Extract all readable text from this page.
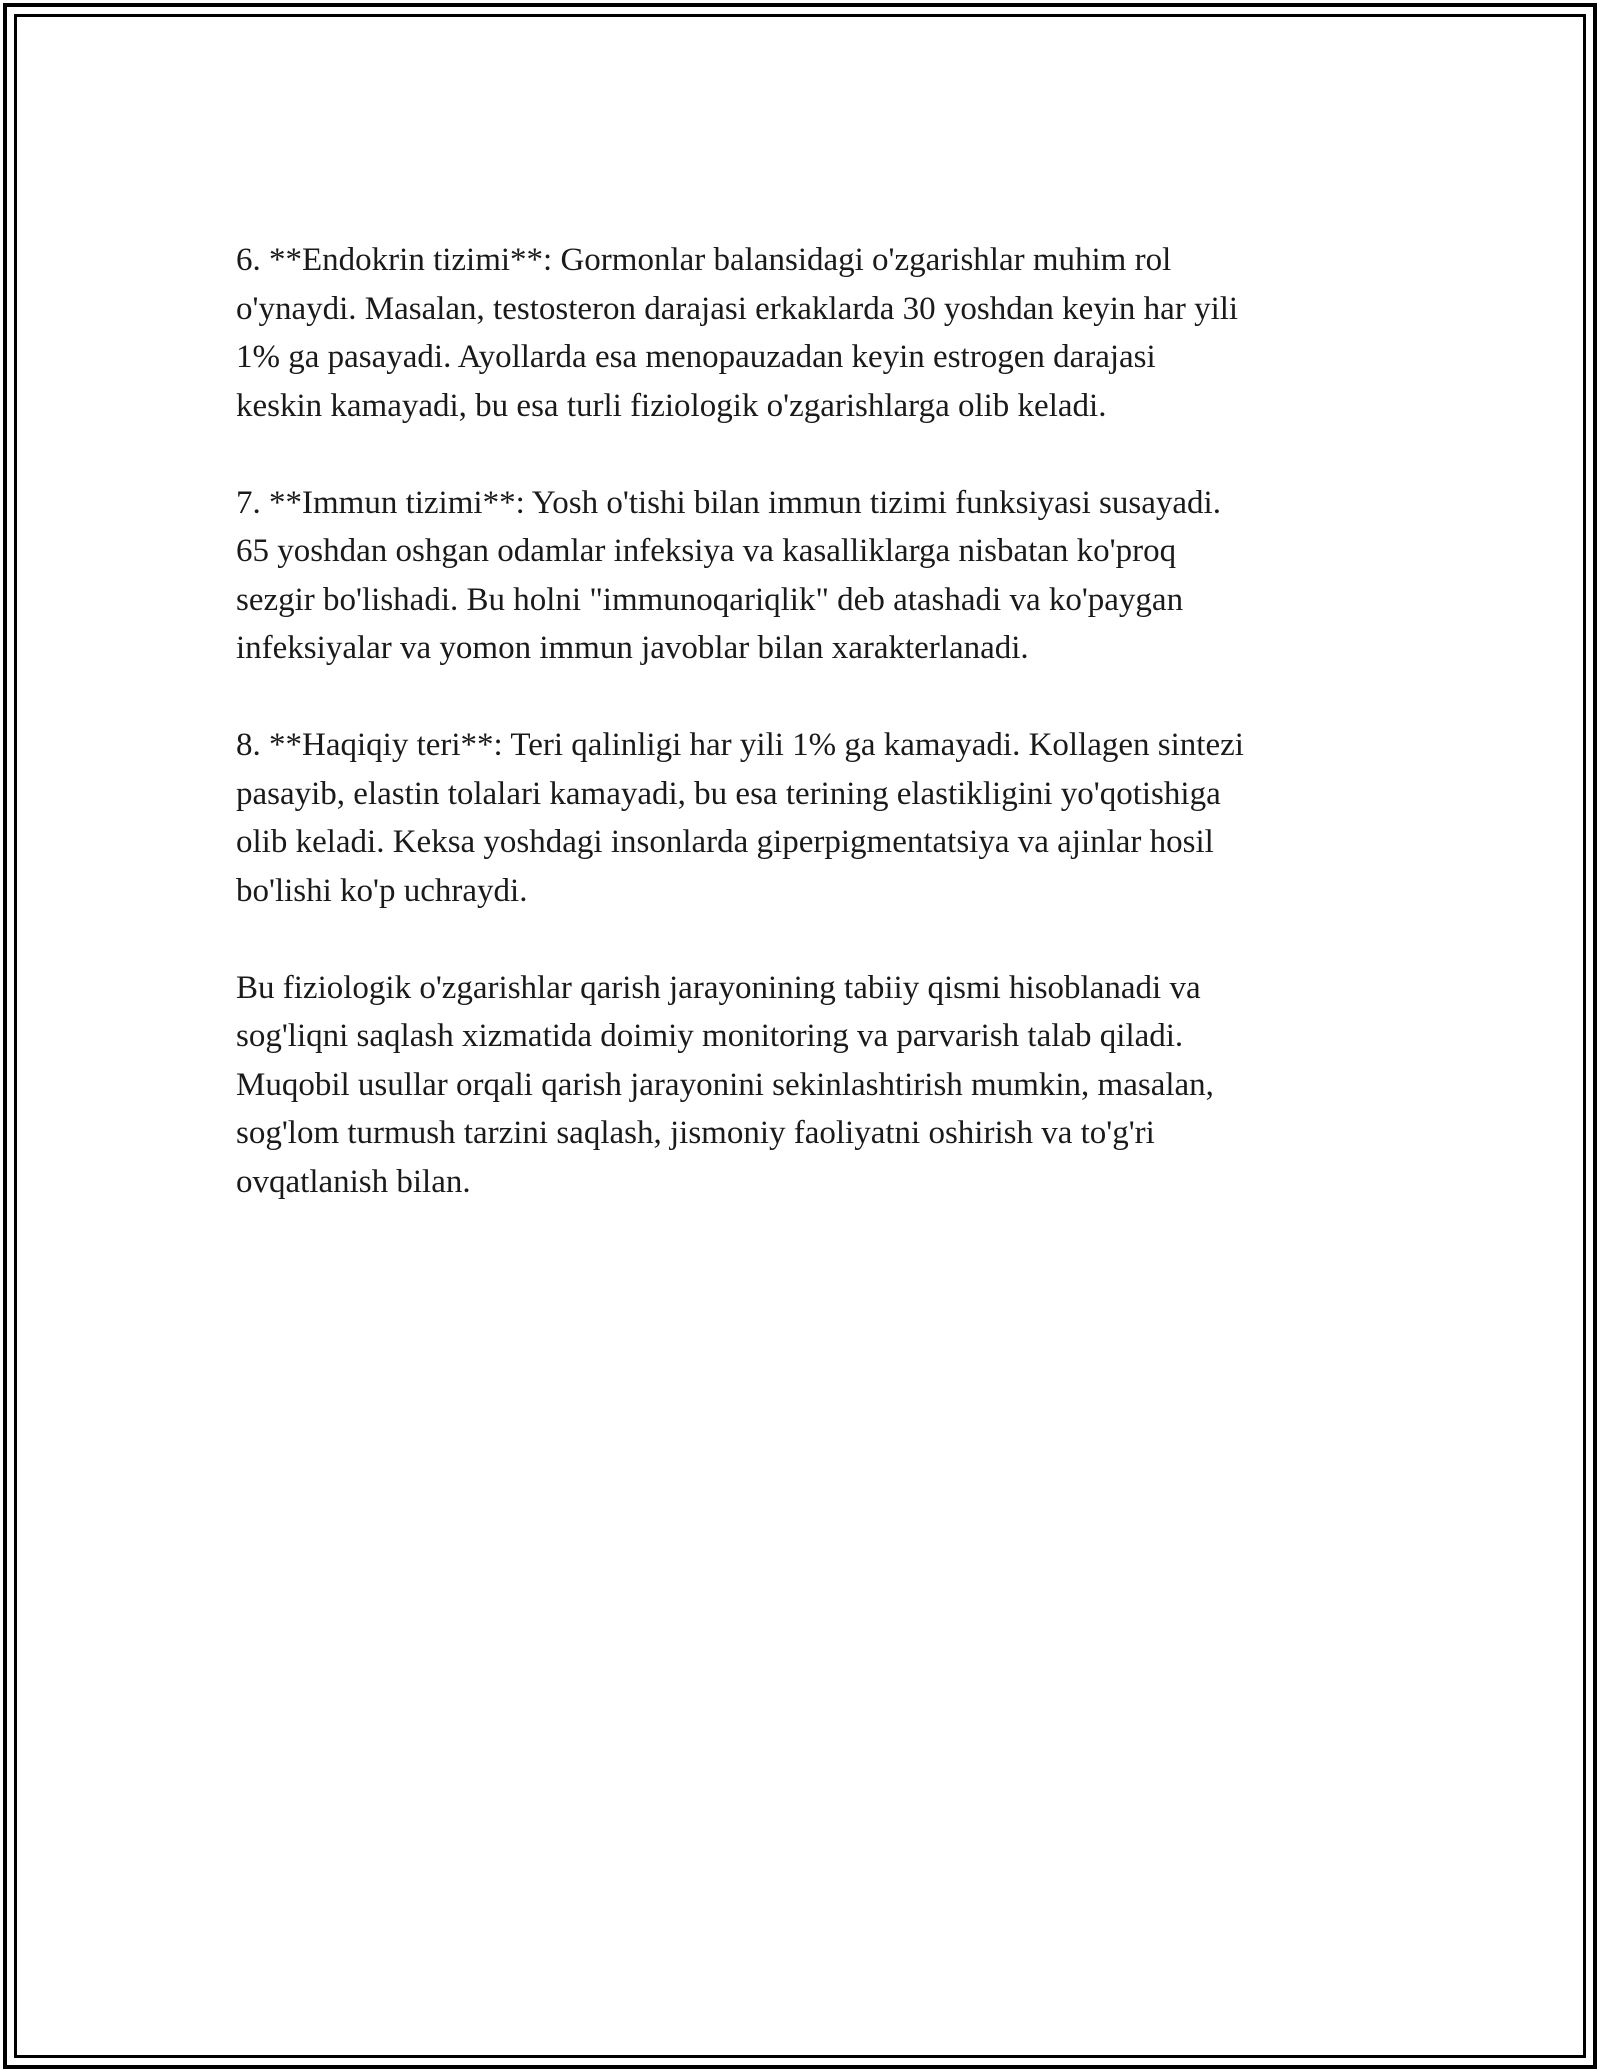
6. **Endokrin tizimi**: Gormonlar balansidagi o'zgarishlar muhim rol
o'ynaydi. Masalan, testosteron darajasi erkaklarda 30 yoshdan keyin har yili
1% ga pasayadi. Ayollarda esa menopauzadan keyin estrogen darajasi
keskin kamayadi, bu esa turli fiziologik o'zgarishlarga olib keladi.

7. **Immun tizimi**: Yosh o'tishi bilan immun tizimi funksiyasi susayadi.
65 yoshdan oshgan odamlar infeksiya va kasalliklarga nisbatan ko'proq
sezgir bo'lishadi. Bu holni "immunoqariqlik" deb atashadi va ko'paygan
infeksiyalar va yomon immun javoblar bilan xarakterlanadi.

8. **Haqiqiy teri**: Teri qalinligi har yili 1% ga kamayadi. Kollagen sintezi
pasayib, elastin tolalari kamayadi, bu esa terining elastikligini yo'qotishiga
olib keladi. Keksa yoshdagi insonlarda giperpigmentatsiya va ajinlar hosil
bo'lishi ko'p uchraydi.

Bu fiziologik o'zgarishlar qarish jarayonining tabiiy qismi hisoblanadi va
sog'liqni saqlash xizmatida doimiy monitoring va parvarish talab qiladi.
Muqobil usullar orqali qarish jarayonini sekinlashtirish mumkin, masalan,
sog'lom turmush tarzini saqlash, jismoniy faoliyatni oshirish va to'g'ri
ovqatlanish bilan.
